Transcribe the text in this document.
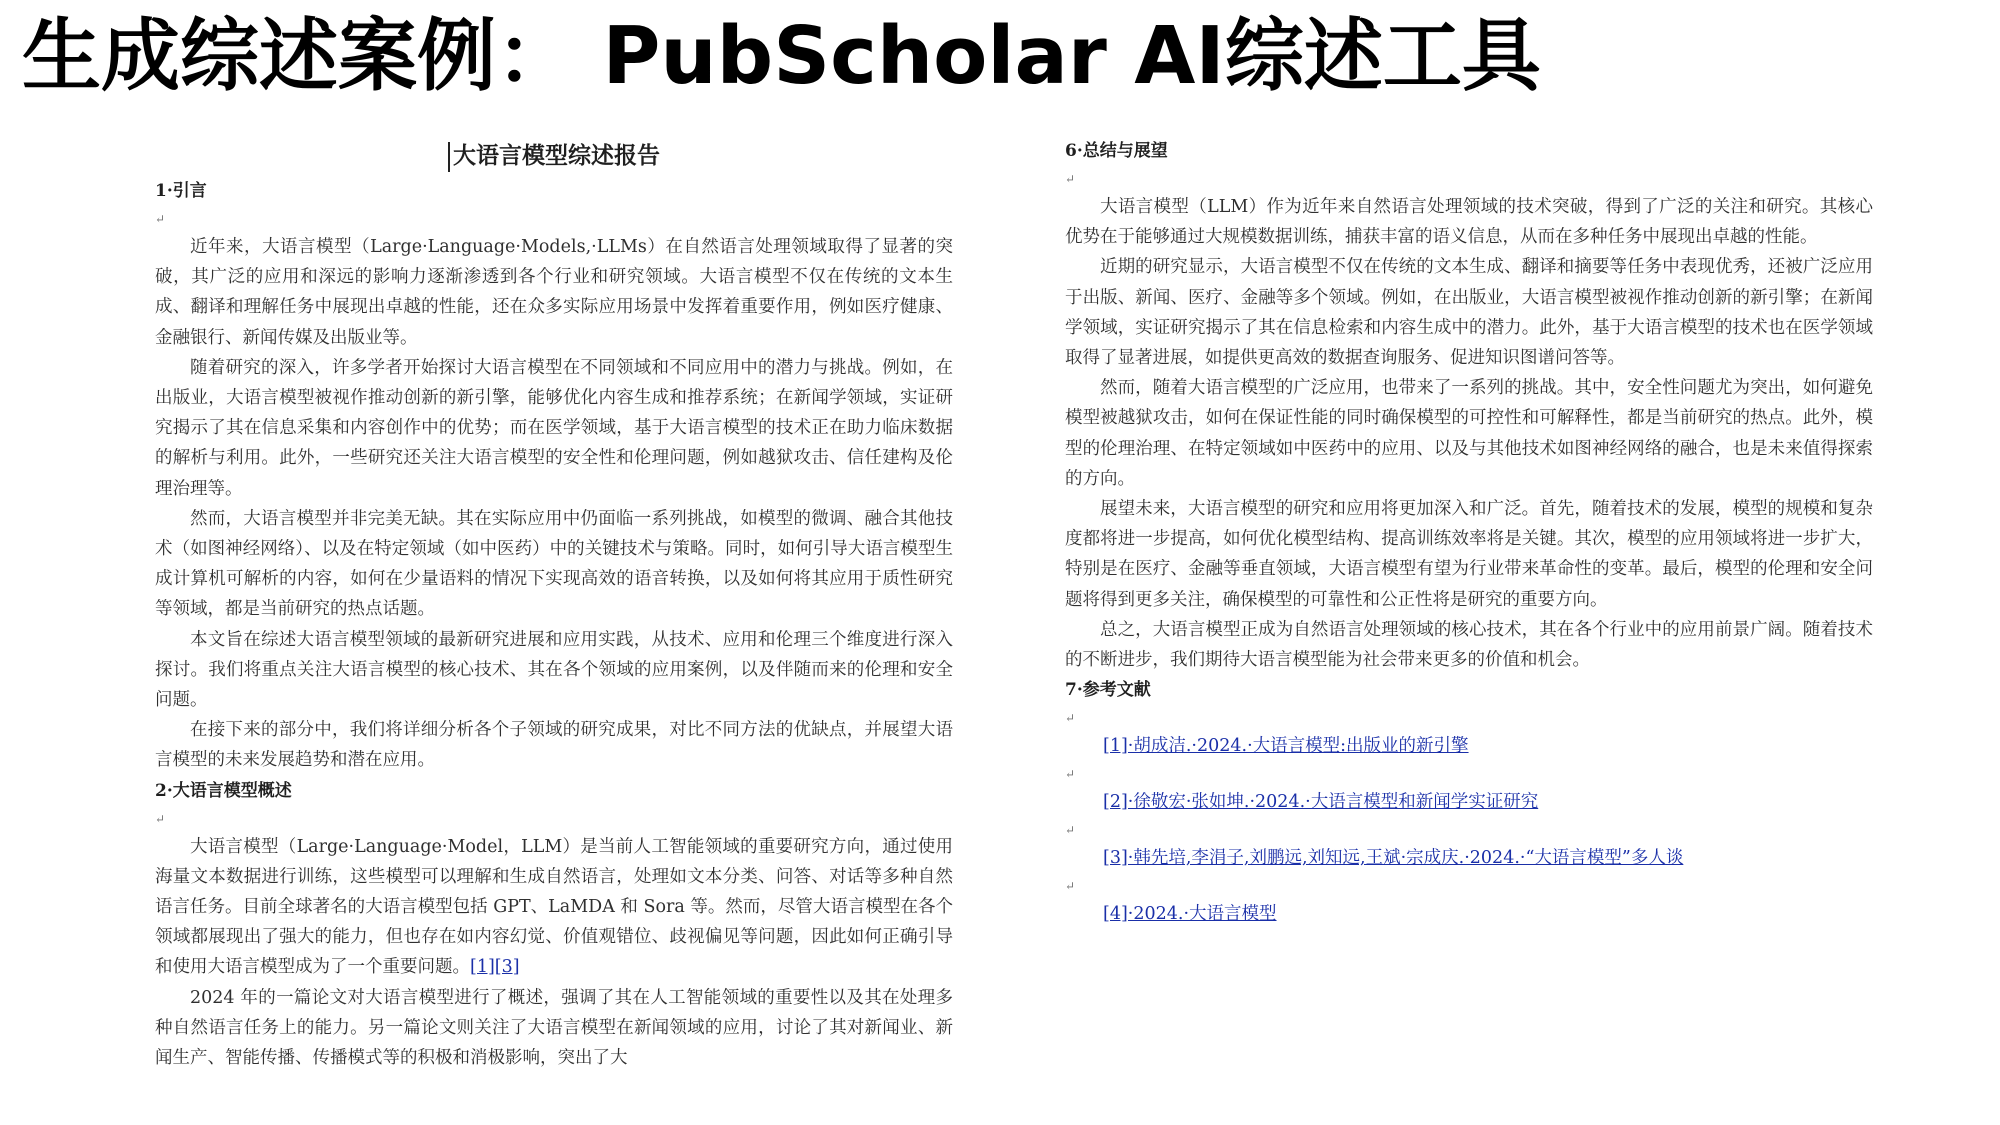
生成综述案例： PubScholar AI综述工具

大语言模型综述报告

1·引言

↵

近年来，大语言模型（Large·Language·Models,·LLMs）在自然语言处理领域取得了显著的突破，其广泛的应用和深远的影响力逐渐渗透到各个行业和研究领域。大语言模型不仅在传统的文本生成、翻译和理解任务中展现出卓越的性能，还在众多实际应用场景中发挥着重要作用，例如医疗健康、金融银行、新闻传媒及出版业等。

随着研究的深入，许多学者开始探讨大语言模型在不同领域和不同应用中的潜力与挑战。例如，在出版业，大语言模型被视作推动创新的新引擎，能够优化内容生成和推荐系统；在新闻学领域，实证研究揭示了其在信息采集和内容创作中的优势；而在医学领域，基于大语言模型的技术正在助力临床数据的解析与利用。此外，一些研究还关注大语言模型的安全性和伦理问题，例如越狱攻击、信任建构及伦理治理等。

然而，大语言模型并非完美无缺。其在实际应用中仍面临一系列挑战，如模型的微调、融合其他技术（如图神经网络）、以及在特定领域（如中医药）中的关键技术与策略。同时，如何引导大语言模型生成计算机可解析的内容，如何在少量语料的情况下实现高效的语音转换，以及如何将其应用于质性研究等领域，都是当前研究的热点话题。

本文旨在综述大语言模型领域的最新研究进展和应用实践，从技术、应用和伦理三个维度进行深入探讨。我们将重点关注大语言模型的核心技术、其在各个领域的应用案例，以及伴随而来的伦理和安全问题。

在接下来的部分中，我们将详细分析各个子领域的研究成果，对比不同方法的优缺点，并展望大语言模型的未来发展趋势和潜在应用。

2·大语言模型概述

↵

大语言模型（Large·Language·Model，LLM）是当前人工智能领域的重要研究方向，通过使用海量文本数据进行训练，这些模型可以理解和生成自然语言，处理如文本分类、问答、对话等多种自然语言任务。目前全球著名的大语言模型包括 GPT、LaMDA 和 Sora 等。然而，尽管大语言模型在各个领域都展现出了强大的能力，但也存在如内容幻觉、价值观错位、歧视偏见等问题，因此如何正确引导和使用大语言模型成为了一个重要问题。[1][3]

2024 年的一篇论文对大语言模型进行了概述，强调了其在人工智能领域的重要性以及其在处理多种自然语言任务上的能力。另一篇论文则关注了大语言模型在新闻领域的应用，讨论了其对新闻业、新闻生产、智能传播、传播模式等的积极和消极影响，突出了大

6·总结与展望

↵

大语言模型（LLM）作为近年来自然语言处理领域的技术突破，得到了广泛的关注和研究。其核心优势在于能够通过大规模数据训练，捕获丰富的语义信息，从而在多种任务中展现出卓越的性能。

近期的研究显示，大语言模型不仅在传统的文本生成、翻译和摘要等任务中表现优秀，还被广泛应用于出版、新闻、医疗、金融等多个领域。例如，在出版业，大语言模型被视作推动创新的新引擎；在新闻学领域，实证研究揭示了其在信息检索和内容生成中的潜力。此外，基于大语言模型的技术也在医学领域取得了显著进展，如提供更高效的数据查询服务、促进知识图谱问答等。

然而，随着大语言模型的广泛应用，也带来了一系列的挑战。其中，安全性问题尤为突出，如何避免模型被越狱攻击，如何在保证性能的同时确保模型的可控性和可解释性，都是当前研究的热点。此外，模型的伦理治理、在特定领域如中医药中的应用、以及与其他技术如图神经网络的融合，也是未来值得探索的方向。

展望未来，大语言模型的研究和应用将更加深入和广泛。首先，随着技术的发展，模型的规模和复杂度都将进一步提高，如何优化模型结构、提高训练效率将是关键。其次，模型的应用领域将进一步扩大，特别是在医疗、金融等垂直领域，大语言模型有望为行业带来革命性的变革。最后，模型的伦理和安全问题将得到更多关注，确保模型的可靠性和公正性将是研究的重要方向。

总之，大语言模型正成为自然语言处理领域的核心技术，其在各个行业中的应用前景广阔。随着技术的不断进步，我们期待大语言模型能为社会带来更多的价值和机会。

7·参考文献

↵

[1]·胡成洁.·2024.·大语言模型:出版业的新引擎

↵

[2]·徐敬宏·张如坤.·2024.·大语言模型和新闻学实证研究

↵

[3]·韩先培,李涓子,刘鹏远,刘知远,王斌·宗成庆.·2024.·“大语言模型”多人谈

↵

[4]·2024.·大语言模型
